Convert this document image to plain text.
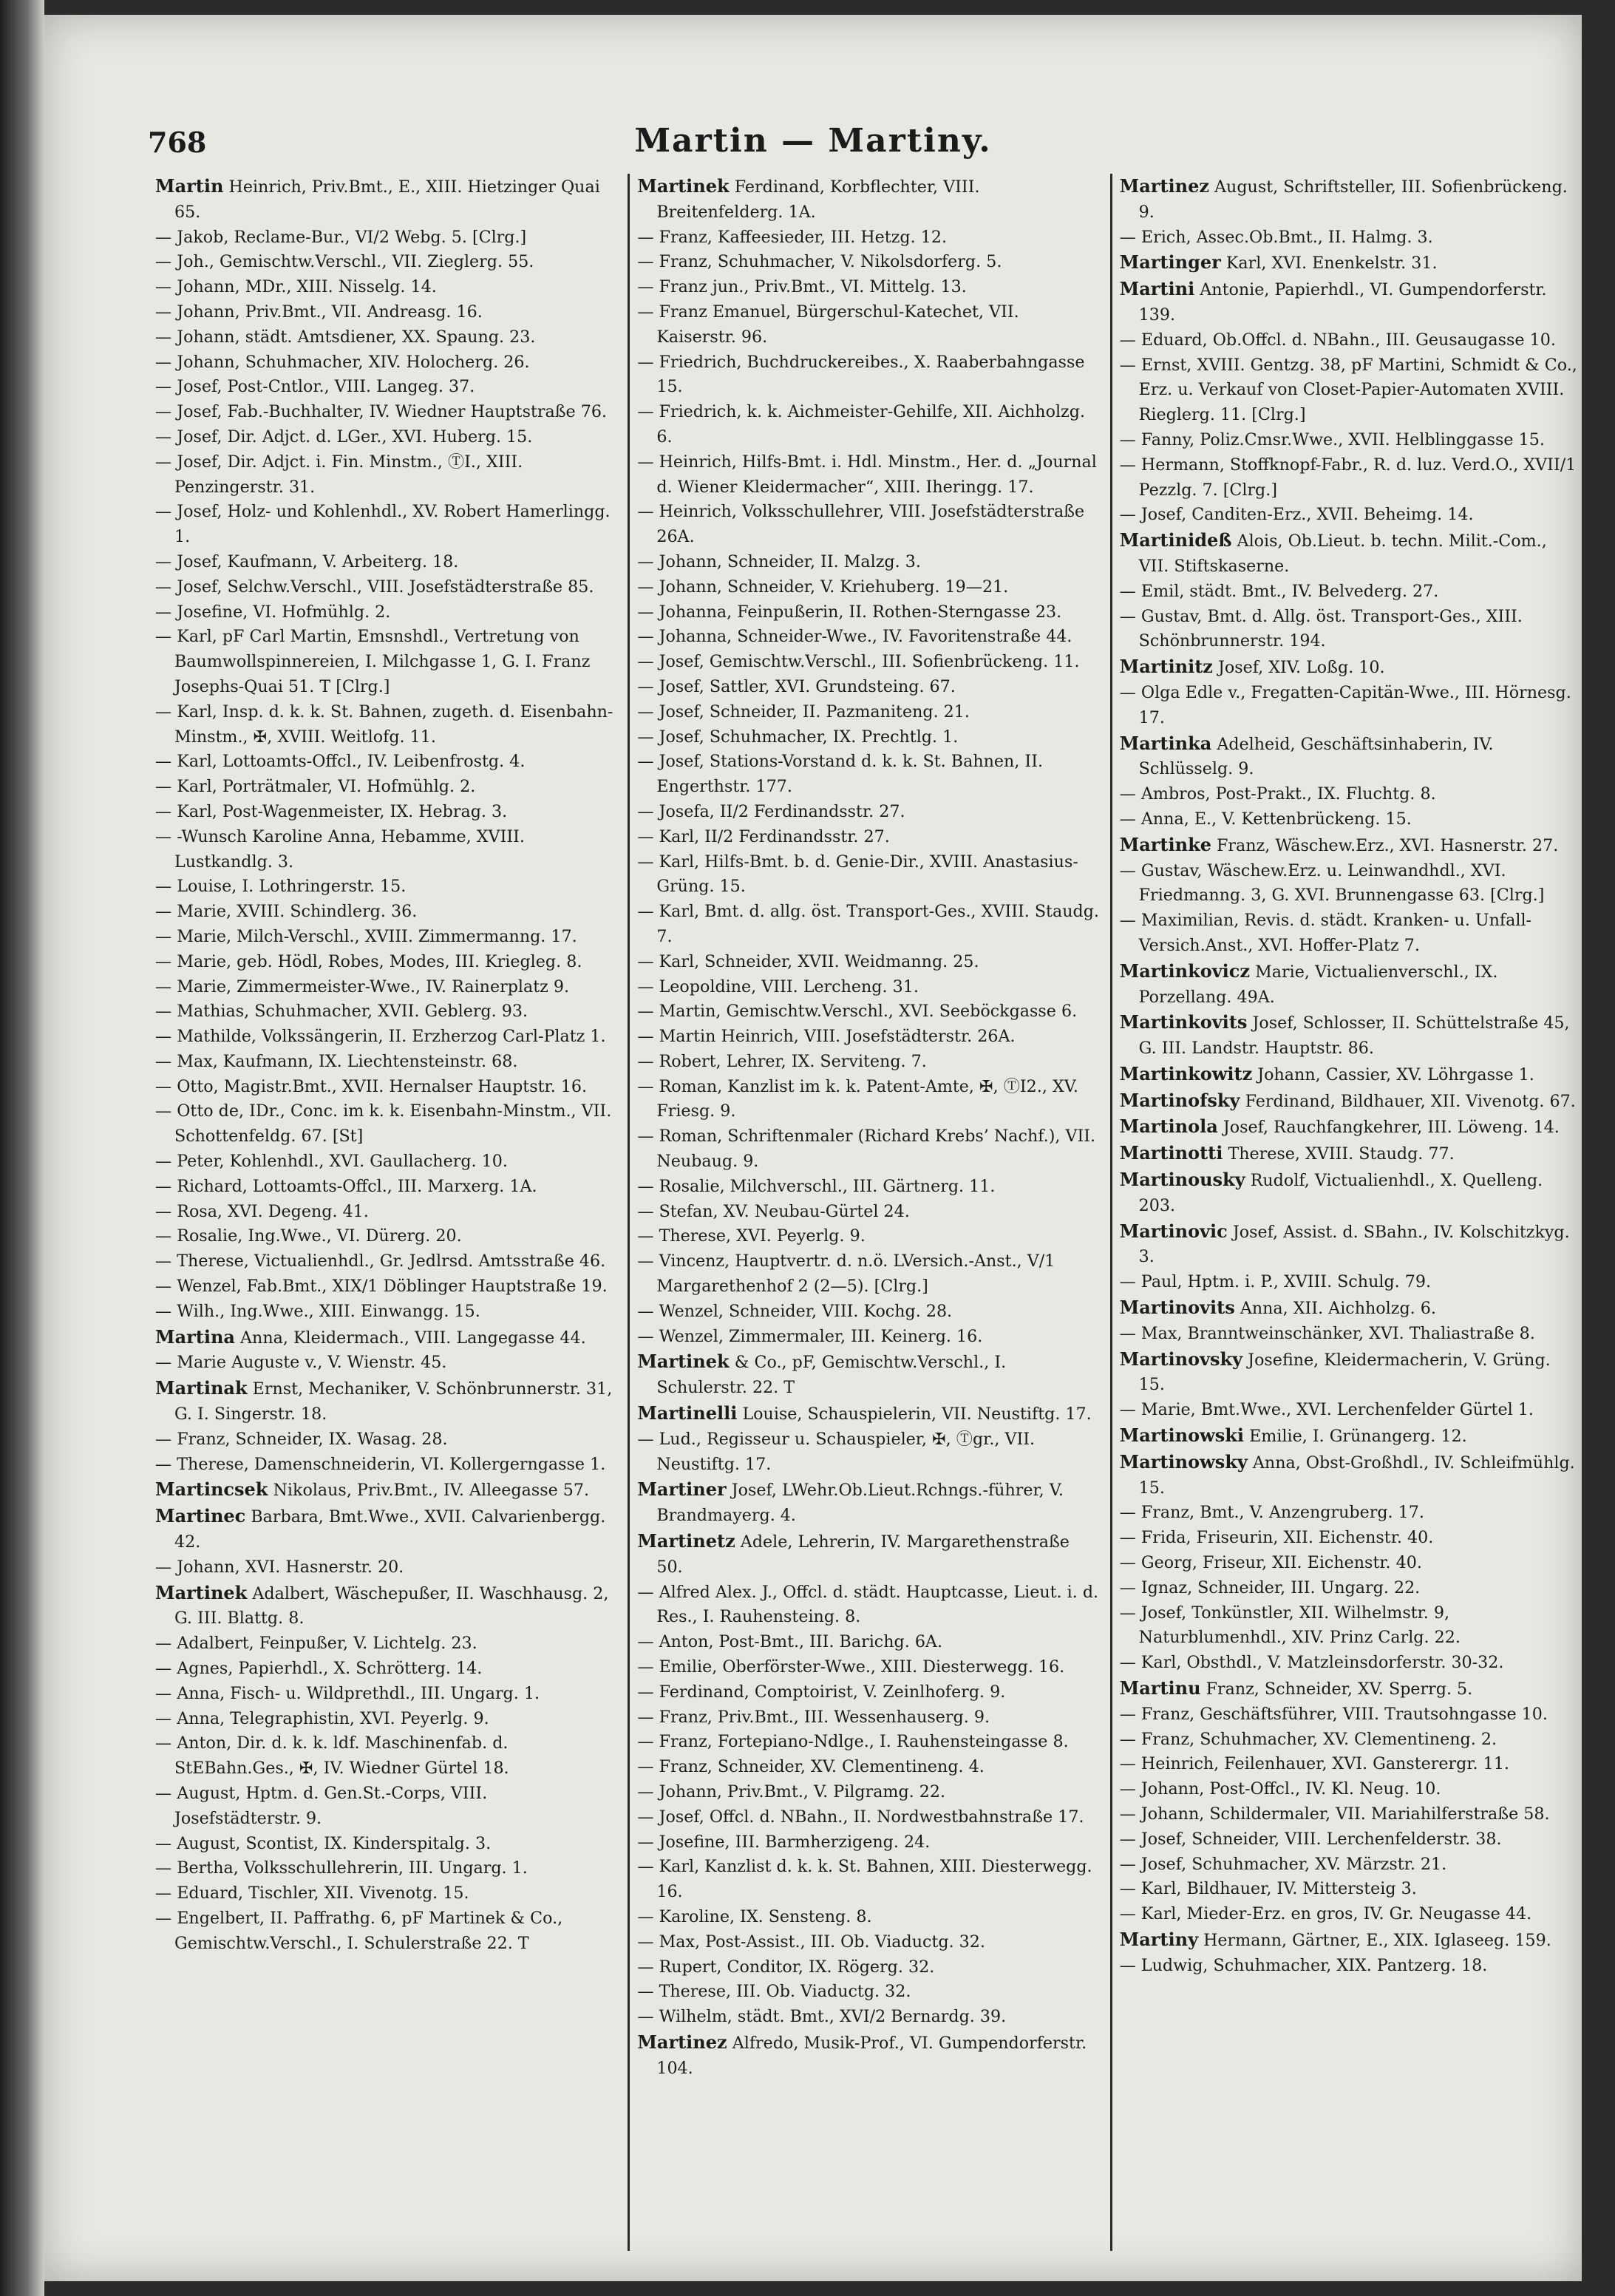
768	Martin — Martiny.

Martin Heinrich, Priv.Bmt., E., XIII. Hietzinger Quai 65.

— Jakob, Reclame-Bur., VI/2 Webg. 5. [Clrg.]

— Joh., Gemischtw.Verschl., VII. Zieglerg. 55.

— Johann, MDr., XIII. Nisselg. 14.

— Johann, Priv.Bmt., VII. Andreasg. 16.

— Johann, städt. Amtsdiener, XX. Spaung. 23.

— Johann, Schuhmacher, XIV. Holocherg. 26.

— Josef, Post-Cntlor., VIII. Langeg. 37.

— Josef, Fab.-Buchhalter, IV. Wiedner Hauptstraße 76.

— Josef, Dir. Adjct. d. LGer., XVI. Huberg. 15.

— Josef, Dir. Adjct. i. Fin. Minstm., ⓉI., XIII. Penzingerstr. 31.

— Josef, Holz- und Kohlenhdl., XV. Robert Hamerlingg. 1.

— Josef, Kaufmann, V. Arbeiterg. 18.

— Josef, Selchw.Verschl., VIII. Josefstädterstraße 85.

— Josefine, VI. Hofmühlg. 2.

— Karl, pF Carl Martin, Emsnshdl., Vertretung von Baumwollspinnereien, I. Milchgasse 1, G. I. Franz Josephs-Quai 51. T [Clrg.]

— Karl, Insp. d. k. k. St. Bahnen, zugeth. d. Eisenbahn-Minstm., ✠, XVIII. Weitlofg. 11.

— Karl, Lottoamts-Offcl., IV. Leibenfrostg. 4.

— Karl, Porträtmaler, VI. Hofmühlg. 2.

— Karl, Post-Wagenmeister, IX. Hebrag. 3.

— -Wunsch Karoline Anna, Hebamme, XVIII. Lustkandlg. 3.

— Louise, I. Lothringerstr. 15.

— Marie, XVIII. Schindlerg. 36.

— Marie, Milch-Verschl., XVIII. Zimmermanng. 17.

— Marie, geb. Hödl, Robes, Modes, III. Kriegleg. 8.

— Marie, Zimmermeister-Wwe., IV. Rainerplatz 9.

— Mathias, Schuhmacher, XVII. Geblerg. 93.

— Mathilde, Volkssängerin, II. Erzherzog Carl-Platz 1.

— Max, Kaufmann, IX. Liechtensteinstr. 68.

— Otto, Magistr.Bmt., XVII. Hernalser Hauptstr. 16.

— Otto de, IDr., Conc. im k. k. Eisenbahn-Minstm., VII. Schottenfeldg. 67. [St]

— Peter, Kohlenhdl., XVI. Gaullacherg. 10.

— Richard, Lottoamts-Offcl., III. Marxerg. 1A.

— Rosa, XVI. Degeng. 41.

— Rosalie, Ing.Wwe., VI. Dürerg. 20.

— Therese, Victualienhdl., Gr. Jedlrsd. Amtsstraße 46.

— Wenzel, Fab.Bmt., XIX/1 Döblinger Hauptstraße 19.

— Wilh., Ing.Wwe., XIII. Einwangg. 15.

Martina Anna, Kleidermach., VIII. Langegasse 44.

— Marie Auguste v., V. Wienstr. 45.

Martinak Ernst, Mechaniker, V. Schönbrunnerstr. 31, G. I. Singerstr. 18.

— Franz, Schneider, IX. Wasag. 28.

— Therese, Damenschneiderin, VI. Kollergerngasse 1.

Martincsek Nikolaus, Priv.Bmt., IV. Alleegasse 57.

Martinec Barbara, Bmt.Wwe., XVII. Calvarienbergg. 42.

— Johann, XVI. Hasnerstr. 20.

Martinek Adalbert, Wäschepußer, II. Waschhausg. 2, G. III. Blattg. 8.

— Adalbert, Feinpußer, V. Lichtelg. 23.

— Agnes, Papierhdl., X. Schrötterg. 14.

— Anna, Fisch- u. Wildprethdl., III. Ungarg. 1.

— Anna, Telegraphistin, XVI. Peyerlg. 9.

— Anton, Dir. d. k. k. ldf. Maschinenfab. d. StEBahn.Ges., ✠, IV. Wiedner Gürtel 18.

— August, Hptm. d. Gen.St.-Corps, VIII. Josefstädterstr. 9.

— August, Scontist, IX. Kinderspitalg. 3.

— Bertha, Volksschullehrerin, III. Ungarg. 1.

— Eduard, Tischler, XII. Vivenotg. 15.

— Engelbert, II. Paffrathg. 6, pF Martinek & Co., Gemischtw.Verschl., I. Schulerstraße 22. T

Martinek Ferdinand, Korbflechter, VIII. Breitenfelderg. 1A.

— Franz, Kaffeesieder, III. Hetzg. 12.

— Franz, Schuhmacher, V. Nikolsdorferg. 5.

— Franz jun., Priv.Bmt., VI. Mittelg. 13.

— Franz Emanuel, Bürgerschul-Katechet, VII. Kaiserstr. 96.

— Friedrich, Buchdruckereibes., X. Raaberbahngasse 15.

— Friedrich, k. k. Aichmeister-Gehilfe, XII. Aichholzg. 6.

— Heinrich, Hilfs-Bmt. i. Hdl. Minstm., Her. d. „Journal d. Wiener Kleidermacher“, XIII. Iheringg. 17.

— Heinrich, Volksschullehrer, VIII. Josefstädterstraße 26A.

— Johann, Schneider, II. Malzg. 3.

— Johann, Schneider, V. Kriehuberg. 19—21.

— Johanna, Feinpußerin, II. Rothen-Sterngasse 23.

— Johanna, Schneider-Wwe., IV. Favoritenstraße 44.

— Josef, Gemischtw.Verschl., III. Sofienbrückeng. 11.

— Josef, Sattler, XVI. Grundsteing. 67.

— Josef, Schneider, II. Pazmaniteng. 21.

— Josef, Schuhmacher, IX. Prechtlg. 1.

— Josef, Stations-Vorstand d. k. k. St. Bahnen, II. Engerthstr. 177.

— Josefa, II/2 Ferdinandsstr. 27.

— Karl, II/2 Ferdinandsstr. 27.

— Karl, Hilfs-Bmt. b. d. Genie-Dir., XVIII. Anastasius-Grüng. 15.

— Karl, Bmt. d. allg. öst. Transport-Ges., XVIII. Staudg. 7.

— Karl, Schneider, XVII. Weidmanng. 25.

— Leopoldine, VIII. Lercheng. 31.

— Martin, Gemischtw.Verschl., XVI. Seeböckgasse 6.

— Martin Heinrich, VIII. Josefstädterstr. 26A.

— Robert, Lehrer, IX. Serviteng. 7.

— Roman, Kanzlist im k. k. Patent-Amte, ✠, ⓉI2., XV. Friesg. 9.

— Roman, Schriftenmaler (Richard Krebs’ Nachf.), VII. Neubaug. 9.

— Rosalie, Milchverschl., III. Gärtnerg. 11.

— Stefan, XV. Neubau-Gürtel 24.

— Therese, XVI. Peyerlg. 9.

— Vincenz, Hauptvertr. d. n.ö. LVersich.-Anst., V/1 Margarethenhof 2 (2—5). [Clrg.]

— Wenzel, Schneider, VIII. Kochg. 28.

— Wenzel, Zimmermaler, III. Keinerg. 16.

Martinek & Co., pF, Gemischtw.Verschl., I. Schulerstr. 22. T

Martinelli Louise, Schauspielerin, VII. Neustiftg. 17.

— Lud., Regisseur u. Schauspieler, ✠, Ⓣgr., VII. Neustiftg. 17.

Martiner Josef, LWehr.Ob.Lieut.Rchngs.-führer, V. Brandmayerg. 4.

Martinetz Adele, Lehrerin, IV. Margarethenstraße 50.

— Alfred Alex. J., Offcl. d. städt. Hauptcasse, Lieut. i. d. Res., I. Rauhensteing. 8.

— Anton, Post-Bmt., III. Barichg. 6A.

— Emilie, Oberförster-Wwe., XIII. Diesterwegg. 16.

— Ferdinand, Comptoirist, V. Zeinlhoferg. 9.

— Franz, Priv.Bmt., III. Wessenhauserg. 9.

— Franz, Fortepiano-Ndlge., I. Rauhensteingasse 8.

— Franz, Schneider, XV. Clementineng. 4.

— Johann, Priv.Bmt., V. Pilgramg. 22.

— Josef, Offcl. d. NBahn., II. Nordwestbahnstraße 17.

— Josefine, III. Barmherzigeng. 24.

— Karl, Kanzlist d. k. k. St. Bahnen, XIII. Diesterwegg. 16.

— Karoline, IX. Sensteng. 8.

— Max, Post-Assist., III. Ob. Viaductg. 32.

— Rupert, Conditor, IX. Rögerg. 32.

— Therese, III. Ob. Viaductg. 32.

— Wilhelm, städt. Bmt., XVI/2 Bernardg. 39.

Martinez Alfredo, Musik-Prof., VI. Gumpendorferstr. 104.

Martinez August, Schriftsteller, III. Sofienbrückeng. 9.

— Erich, Assec.Ob.Bmt., II. Halmg. 3.

Martinger Karl, XVI. Enenkelstr. 31.

Martini Antonie, Papierhdl., VI. Gumpendorferstr. 139.

— Eduard, Ob.Offcl. d. NBahn., III. Geusaugasse 10.

— Ernst, XVIII. Gentzg. 38, pF Martini, Schmidt & Co., Erz. u. Verkauf von Closet-Papier-Automaten XVIII. Rieglerg. 11. [Clrg.]

— Fanny, Poliz.Cmsr.Wwe., XVII. Helblinggasse 15.

— Hermann, Stoffknopf-Fabr., R. d. luz. Verd.O., XVII/1 Pezzlg. 7. [Clrg.]

— Josef, Canditen-Erz., XVII. Beheimg. 14.

Martinideß Alois, Ob.Lieut. b. techn. Milit.-Com., VII. Stiftskaserne.

— Emil, städt. Bmt., IV. Belvederg. 27.

— Gustav, Bmt. d. Allg. öst. Transport-Ges., XIII. Schönbrunnerstr. 194.

Martinitz Josef, XIV. Loßg. 10.

— Olga Edle v., Fregatten-Capitän-Wwe., III. Hörnesg. 17.

Martinka Adelheid, Geschäftsinhaberin, IV. Schlüsselg. 9.

— Ambros, Post-Prakt., IX. Fluchtg. 8.

— Anna, E., V. Kettenbrückeng. 15.

Martinke Franz, Wäschew.Erz., XVI. Hasnerstr. 27.

— Gustav, Wäschew.Erz. u. Leinwandhdl., XVI. Friedmanng. 3, G. XVI. Brunnengasse 63. [Clrg.]

— Maximilian, Revis. d. städt. Kranken- u. Unfall-Versich.Anst., XVI. Hoffer-Platz 7.

Martinkovicz Marie, Victualienverschl., IX. Porzellang. 49A.

Martinkovits Josef, Schlosser, II. Schüttelstraße 45, G. III. Landstr. Hauptstr. 86.

Martinkowitz Johann, Cassier, XV. Löhrgasse 1.

Martinofsky Ferdinand, Bildhauer, XII. Vivenotg. 67.

Martinola Josef, Rauchfangkehrer, III. Löweng. 14.

Martinotti Therese, XVIII. Staudg. 77.

Martinousky Rudolf, Victualienhdl., X. Quelleng. 203.

Martinovic Josef, Assist. d. SBahn., IV. Kolschitzkyg. 3.

— Paul, Hptm. i. P., XVIII. Schulg. 79.

Martinovits Anna, XII. Aichholzg. 6.

— Max, Branntweinschänker, XVI. Thaliastraße 8.

Martinovsky Josefine, Kleidermacherin, V. Grüng. 15.

— Marie, Bmt.Wwe., XVI. Lerchenfelder Gürtel 1.

Martinowski Emilie, I. Grünangerg. 12.

Martinowsky Anna, Obst-Großhdl., IV. Schleifmühlg. 15.

— Franz, Bmt., V. Anzengruberg. 17.

— Frida, Friseurin, XII. Eichenstr. 40.

— Georg, Friseur, XII. Eichenstr. 40.

— Ignaz, Schneider, III. Ungarg. 22.

— Josef, Tonkünstler, XII. Wilhelmstr. 9, Naturblumenhdl., XIV. Prinz Carlg. 22.

— Karl, Obsthdl., V. Matzleinsdorferstr. 30-32.

Martinu Franz, Schneider, XV. Sperrg. 5.

— Franz, Geschäftsführer, VIII. Trautsohngasse 10.

— Franz, Schuhmacher, XV. Clementineng. 2.

— Heinrich, Feilenhauer, XVI. Gansterergr. 11.

— Johann, Post-Offcl., IV. Kl. Neug. 10.

— Johann, Schildermaler, VII. Mariahilferstraße 58.

— Josef, Schneider, VIII. Lerchenfelderstr. 38.

— Josef, Schuhmacher, XV. Märzstr. 21.

— Karl, Bildhauer, IV. Mittersteig 3.

— Karl, Mieder-Erz. en gros, IV. Gr. Neugasse 44.

Martiny Hermann, Gärtner, E., XIX. Iglaseeg. 159.

— Ludwig, Schuhmacher, XIX. Pantzerg. 18.
